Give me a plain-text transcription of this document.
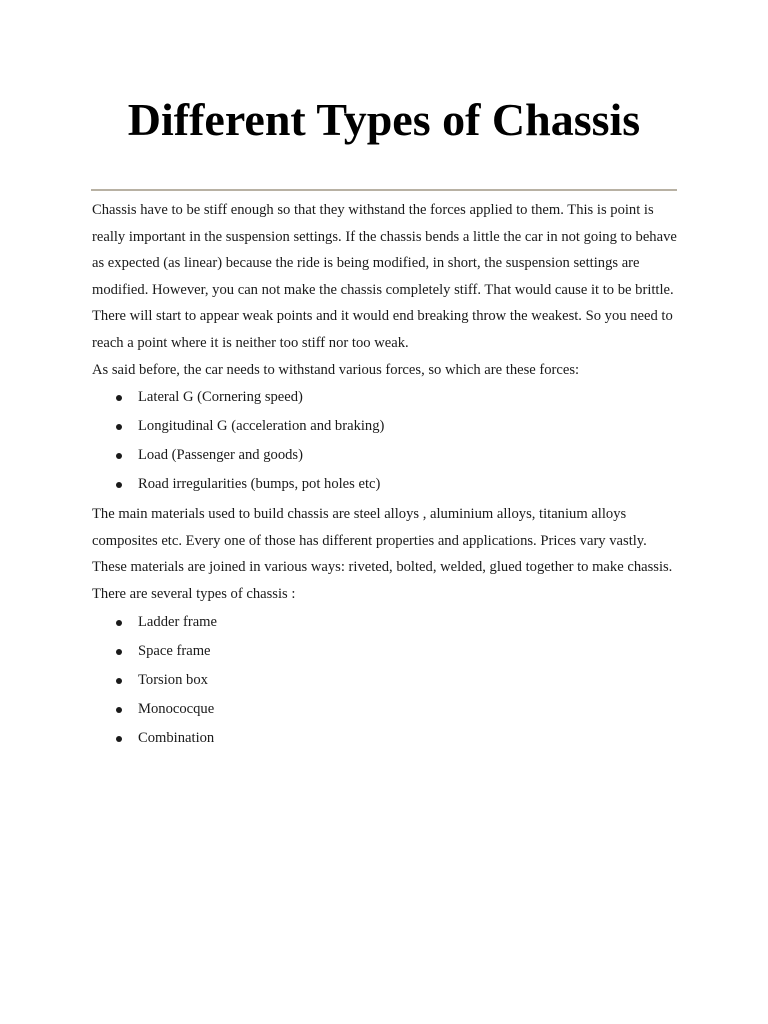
Different Types of Chassis

Chassis have to be stiff enough so that they withstand the forces applied to them. This is point is really important in the suspension settings. If the chassis bends a little the car in not going to behave as expected (as linear) because the ride is being modified, in short, the suspension settings are modified. However, you can not make the chassis completely stiff. That would cause it to be brittle. There will start to appear weak points and it would end breaking throw the weakest. So you need to reach a point where it is neither too stiff nor too weak.

As said before, the car needs to withstand various forces, so which are these forces:

Lateral G (Cornering speed)
Longitudinal G (acceleration and braking)
Load (Passenger and goods)
Road irregularities (bumps, pot holes etc)

The main materials used to build chassis are steel alloys , aluminium alloys, titanium alloys composites etc. Every one of those has different properties and applications. Prices vary vastly. These materials are joined in various ways: riveted, bolted, welded, glued together to make chassis.

There are several types of chassis :

Ladder frame
Space frame
Torsion box
Monococque
Combination
